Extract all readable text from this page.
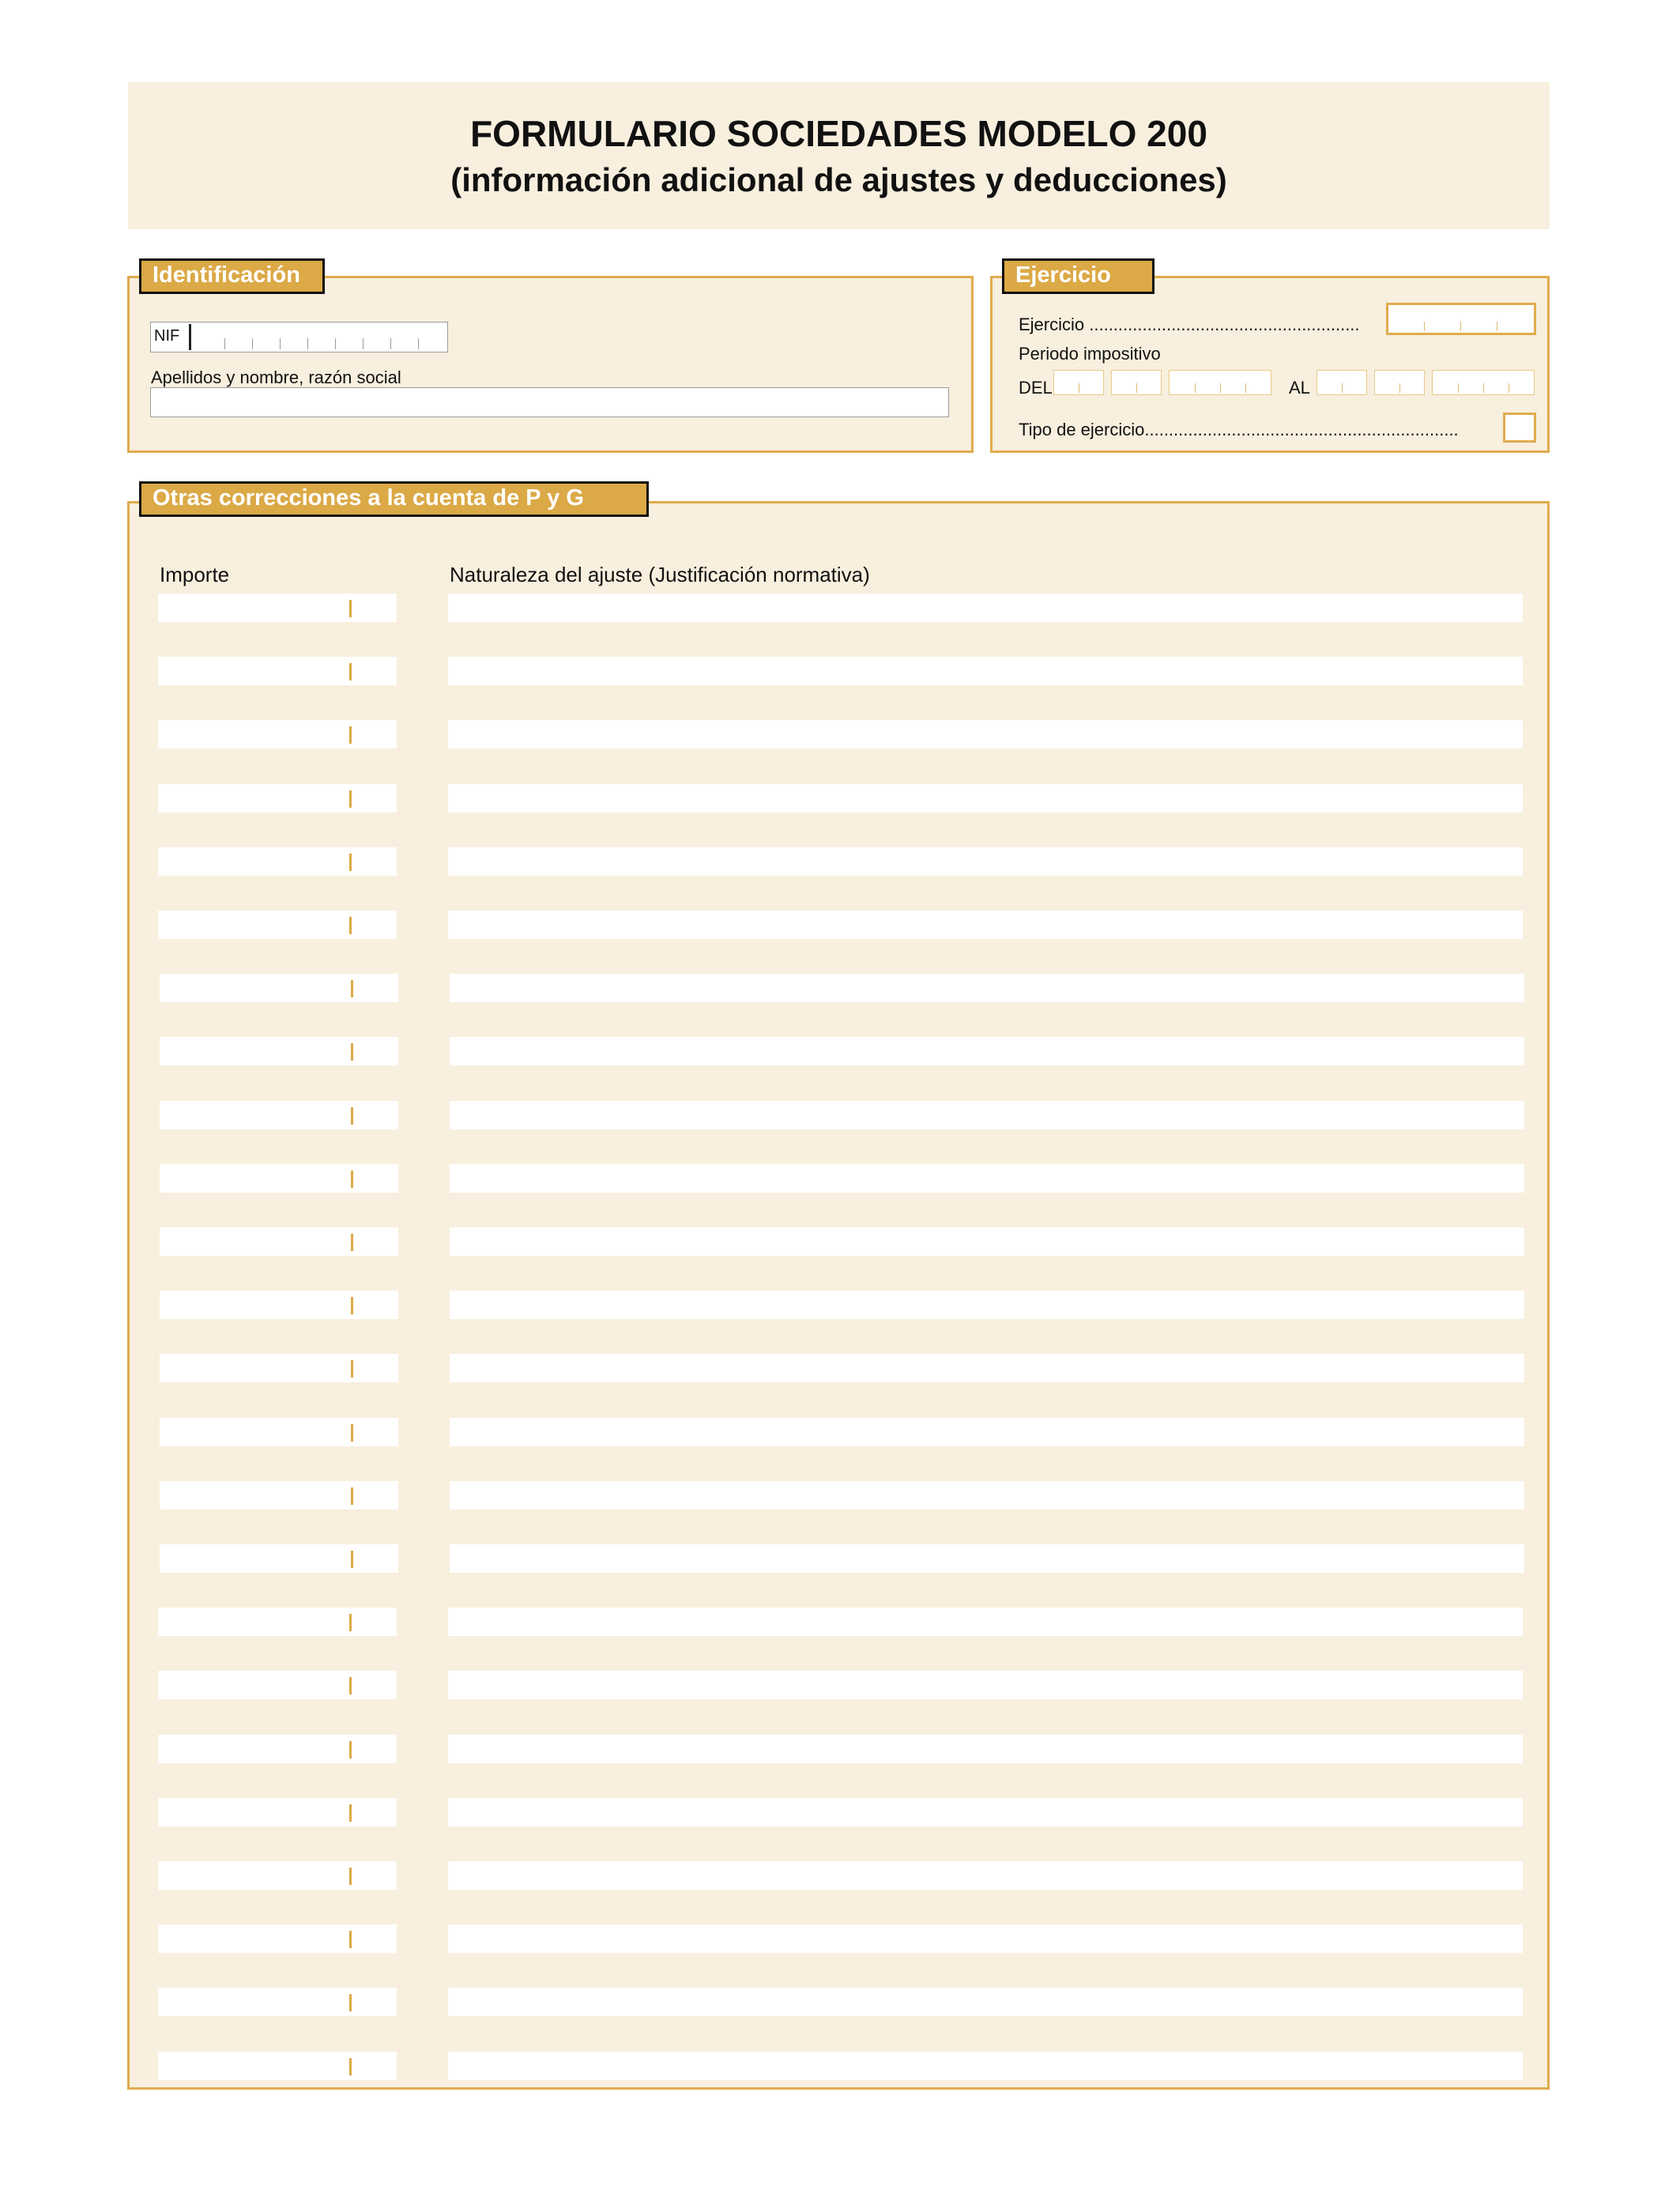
FORMULARIO SOCIEDADES MODELO 200
(información adicional de ajustes y deducciones)
Identificación
NIF
Apellidos y nombre, razón social
Ejercicio
Ejercicio ........................................................
Periodo impositivo
DEL	AL
Tipo de ejercicio.................................................................
Otras correcciones a la cuenta de P y G
Importe	Naturaleza del ajuste (Justificación normativa)
